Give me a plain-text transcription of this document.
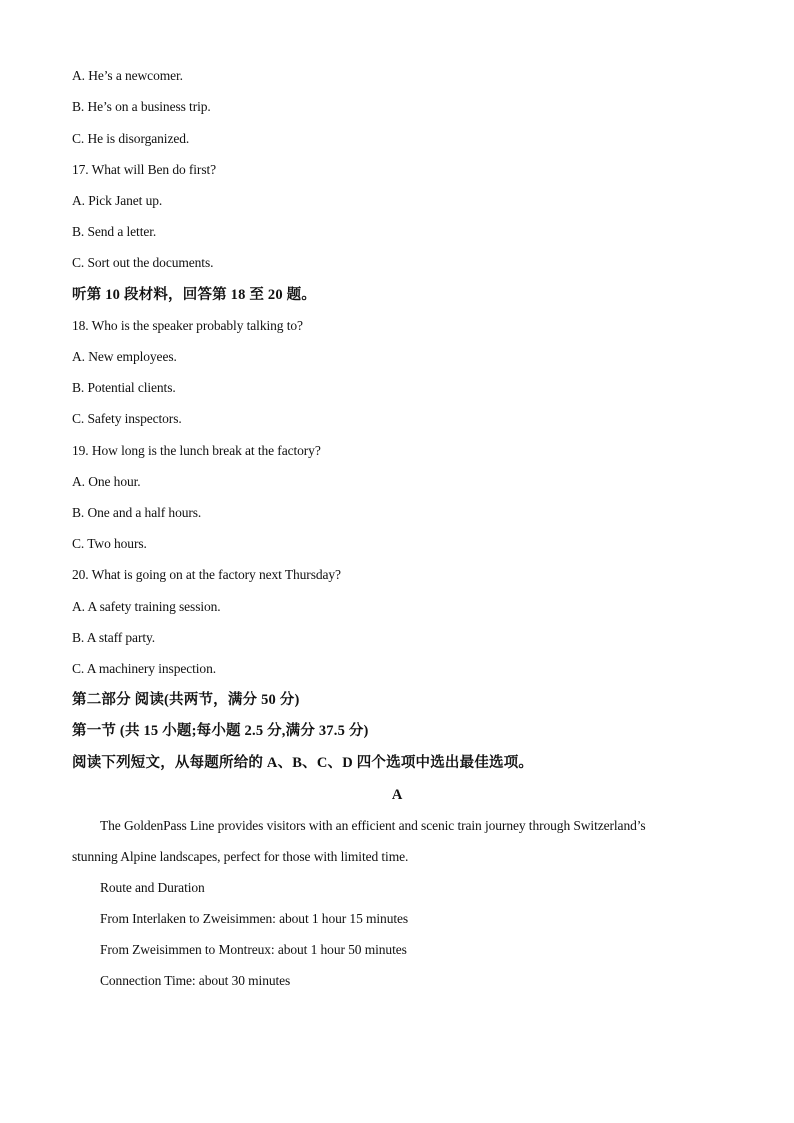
A. He’s a newcomer.
B. He’s on a business trip.
C. He is disorganized.
17. What will Ben do first?
A. Pick Janet up.
B. Send a letter.
C. Sort out the documents.
听第 10 段材料，回答第 18 至 20 题。
18. Who is the speaker probably talking to?
A. New employees.
B. Potential clients.
C. Safety inspectors.
19. How long is the lunch break at the factory?
A. One hour.
B. One and a half hours.
C. Two hours.
20. What is going on at the factory next Thursday?
A. A safety training session.
B. A staff party.
C. A machinery inspection.
第二部分 阅读(共两节，满分 50 分)
第一节 (共 15 小题;每小题 2.5 分,满分 37.5 分)
阅读下列短文，从每题所给的 A、B、C、D 四个选项中选出最佳选项。
A
The GoldenPass Line provides visitors with an efficient and scenic train journey through Switzerland’s
stunning Alpine landscapes, perfect for those with limited time.
Route and Duration
From Interlaken to Zweisimmen: about 1 hour 15 minutes
From Zweisimmen to Montreux: about 1 hour 50 minutes
Connection Time: about 30 minutes
